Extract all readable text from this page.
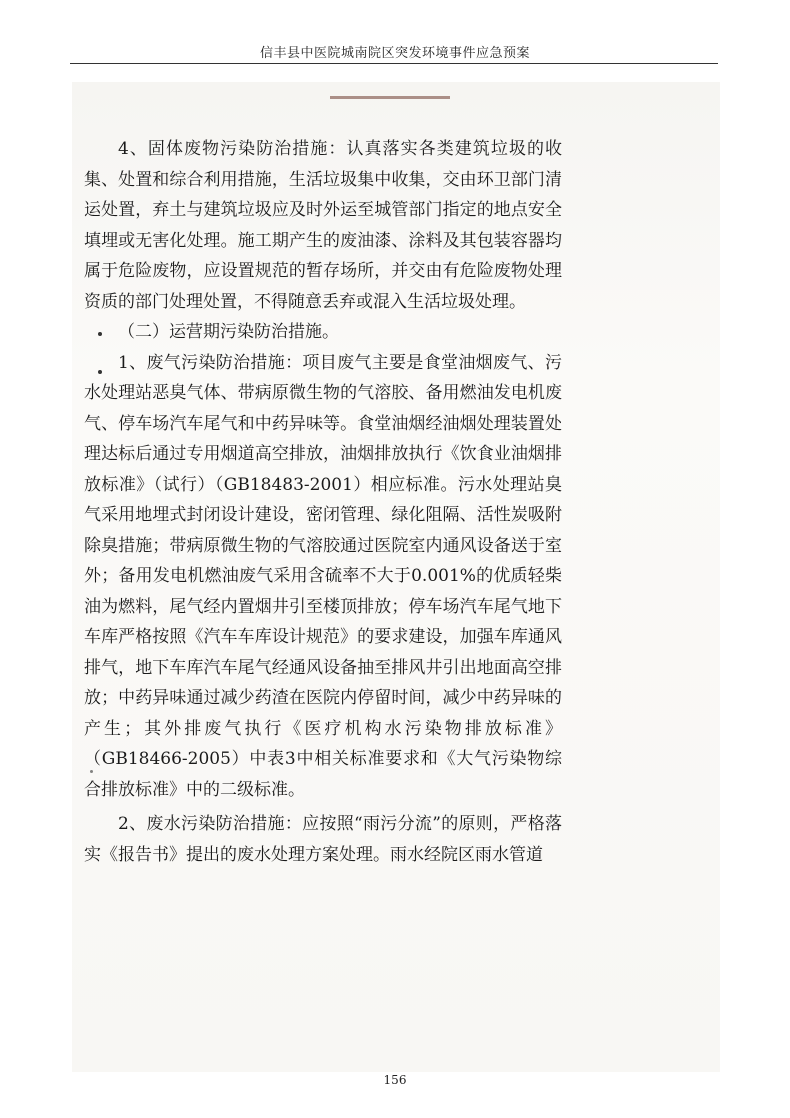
信丰县中医院城南院区突发环境事件应急预案

4、固体废物污染防治措施：认真落实各类建筑垃圾的收集、处置和综合利用措施，生活垃圾集中收集，交由环卫部门清运处置，弃土与建筑垃圾应及时外运至城管部门指定的地点安全填埋或无害化处理。施工期产生的废油漆、涂料及其包装容器均属于危险废物，应设置规范的暂存场所，并交由有危险废物处理资质的部门处理处置，不得随意丢弃或混入生活垃圾处理。

（二）运营期污染防治措施。

1、废气污染防治措施：项目废气主要是食堂油烟废气、污水处理站恶臭气体、带病原微生物的气溶胶、备用燃油发电机废气、停车场汽车尾气和中药异味等。食堂油烟经油烟处理装置处理达标后通过专用烟道高空排放，油烟排放执行《饮食业油烟排放标准》（试行）（GB18483-2001）相应标准。污水处理站臭气采用地埋式封闭设计建设，密闭管理、绿化阻隔、活性炭吸附除臭措施；带病原微生物的气溶胶通过医院室内通风设备送于室外；备用发电机燃油废气采用含硫率不大于0.001%的优质轻柴油为燃料，尾气经内置烟井引至楼顶排放；停车场汽车尾气地下车库严格按照《汽车车库设计规范》的要求建设，加强车库通风排气，地下车库汽车尾气经通风设备抽至排风井引出地面高空排放；中药异味通过减少药渣在医院内停留时间，减少中药异味的产生；其外排废气执行《医疗机构水污染物排放标准》（GB18466-2005）中表3中相关标准要求和《大气污染物综合排放标准》中的二级标准。

2、废水污染防治措施：应按照“雨污分流”的原则，严格落实《报告书》提出的废水处理方案处理。雨水经院区雨水管道

156
